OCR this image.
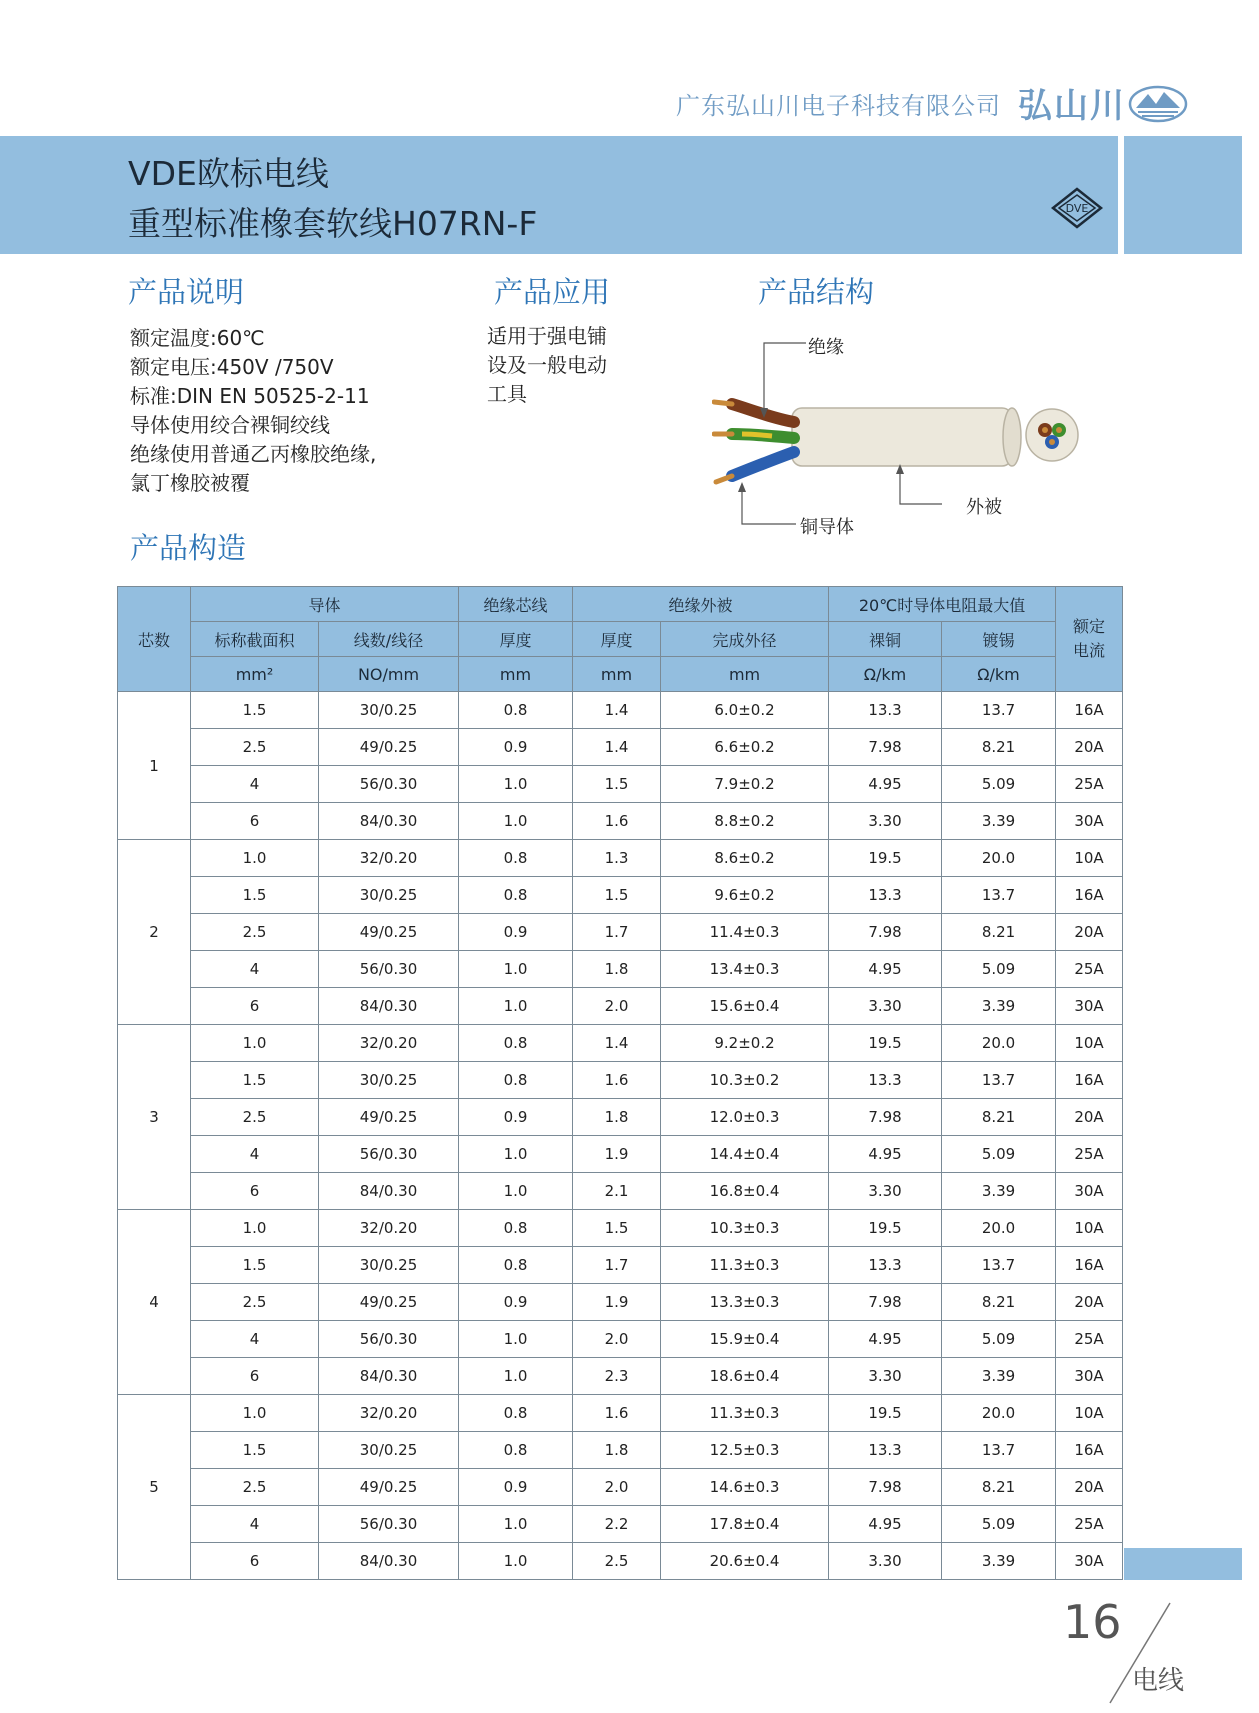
广东弘山川电子科技有限公司 弘山川
VDE欧标电线
重型标准橡套软线H07RN-F	DVE
产品说明
额定温度:60℃
额定电压:450V /750V
标准:DIN EN 50525-2-11
导体使用绞合裸铜绞线
绝缘使用普通乙丙橡胶绝缘,
氯丁橡胶被覆
产品应用
适用于强电铺
设及一般电动
工具
产品结构
绝缘
外被
铜导体
产品构造
芯数	导体		绝缘芯线	绝缘外被		20℃时导体电阻最大值		额定
电流
	标称截面积	线数/线径	厚度	厚度	完成外径	裸铜	镀锡	
	mm²	NO/mm	mm	mm	mm	Ω/km	Ω/km	
1	1.5	30/0.25	0.8	1.4	6.0±0.2	13.3	13.7	16A
	2.5	49/0.25	0.9	1.4	6.6±0.2	7.98	8.21	20A
	4	56/0.30	1.0	1.5	7.9±0.2	4.95	5.09	25A
	6	84/0.30	1.0	1.6	8.8±0.2	3.30	3.39	30A
2	1.0	32/0.20	0.8	1.3	8.6±0.2	19.5	20.0	10A
	1.5	30/0.25	0.8	1.5	9.6±0.2	13.3	13.7	16A
	2.5	49/0.25	0.9	1.7	11.4±0.3	7.98	8.21	20A
	4	56/0.30	1.0	1.8	13.4±0.3	4.95	5.09	25A
	6	84/0.30	1.0	2.0	15.6±0.4	3.30	3.39	30A
3	1.0	32/0.20	0.8	1.4	9.2±0.2	19.5	20.0	10A
	1.5	30/0.25	0.8	1.6	10.3±0.2	13.3	13.7	16A
	2.5	49/0.25	0.9	1.8	12.0±0.3	7.98	8.21	20A
	4	56/0.30	1.0	1.9	14.4±0.4	4.95	5.09	25A
	6	84/0.30	1.0	2.1	16.8±0.4	3.30	3.39	30A
4	1.0	32/0.20	0.8	1.5	10.3±0.3	19.5	20.0	10A
	1.5	30/0.25	0.8	1.7	11.3±0.3	13.3	13.7	16A
	2.5	49/0.25	0.9	1.9	13.3±0.3	7.98	8.21	20A
	4	56/0.30	1.0	2.0	15.9±0.4	4.95	5.09	25A
	6	84/0.30	1.0	2.3	18.6±0.4	3.30	3.39	30A
5	1.0	32/0.20	0.8	1.6	11.3±0.3	19.5	20.0	10A
	1.5	30/0.25	0.8	1.8	12.5±0.3	13.3	13.7	16A
	2.5	49/0.25	0.9	2.0	14.6±0.3	7.98	8.21	20A
	4	56/0.30	1.0	2.2	17.8±0.4	4.95	5.09	25A
	6	84/0.30	1.0	2.5	20.6±0.4	3.30	3.39	30A
16
电线
